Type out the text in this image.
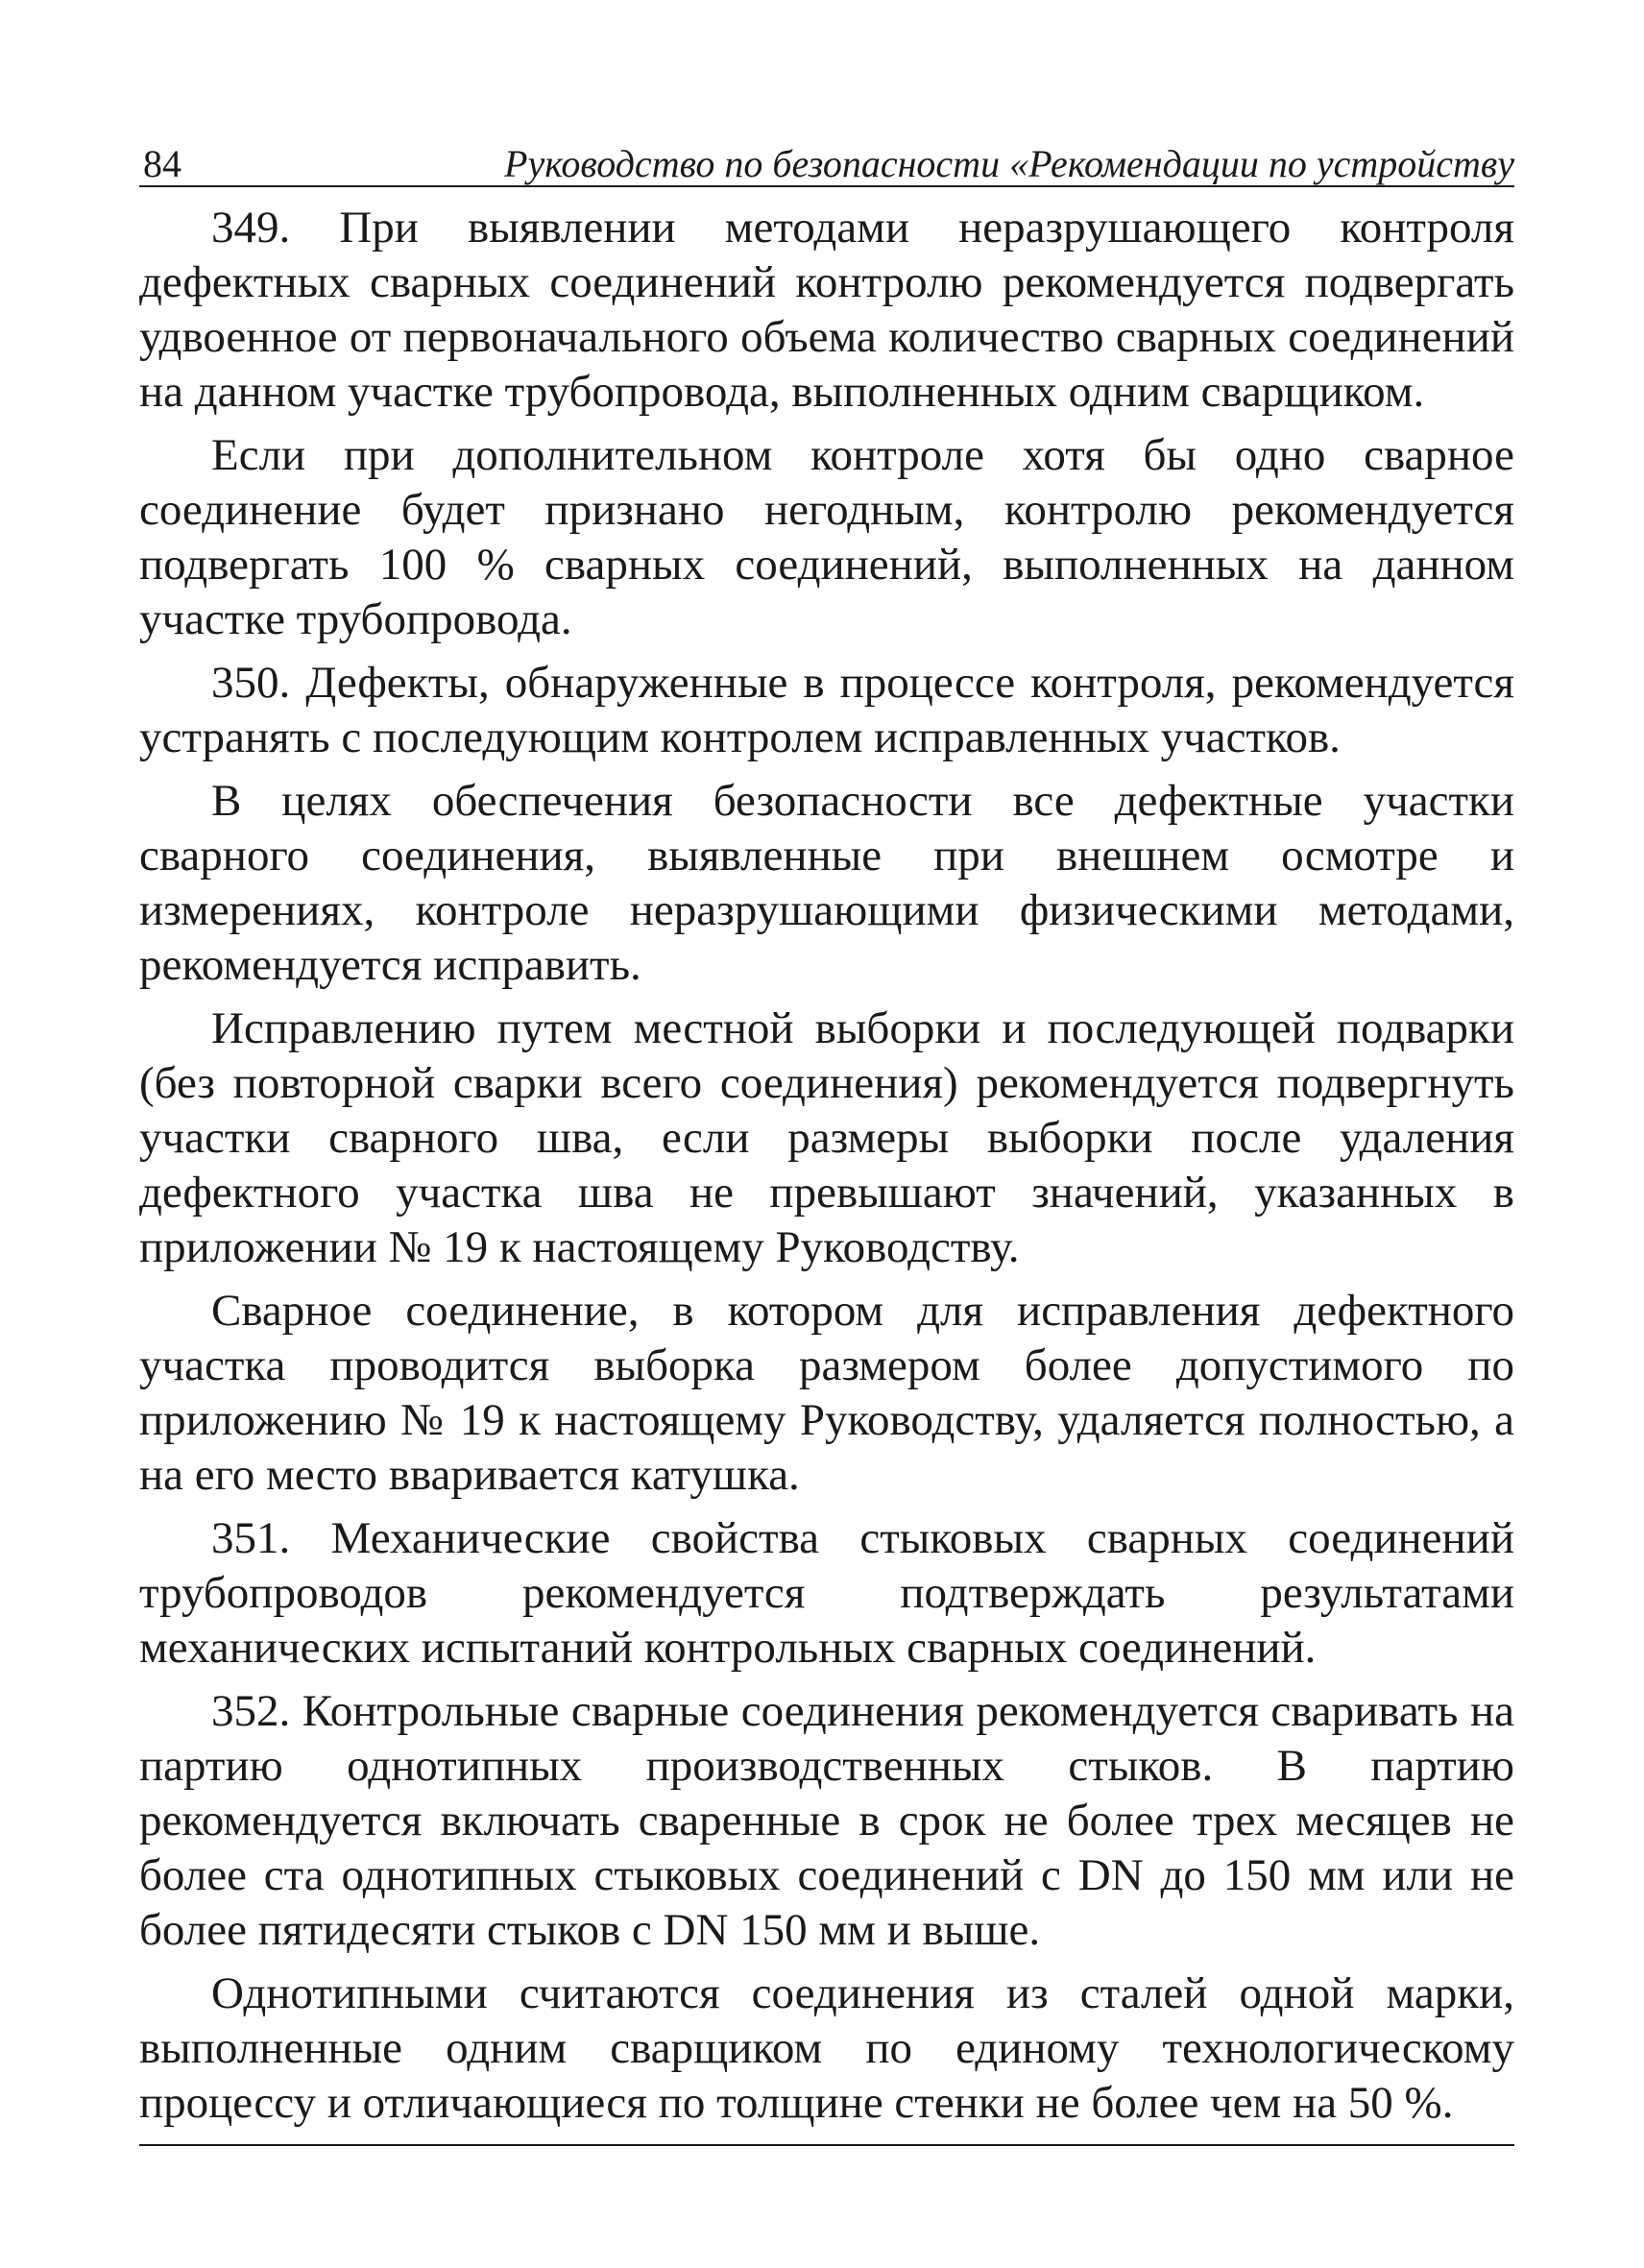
84	Руководство по безопасности «Рекомендации по устройству

349. При выявлении методами неразрушающего контроля дефектных сварных соединений контролю рекомендуется подвергать удвоенное от первоначального объема количество сварных соединений на данном участке трубопровода, выполненных одним сварщиком.

Если при дополнительном контроле хотя бы одно сварное соединение будет признано негодным, контролю рекомендуется подвергать 100 % сварных соединений, выполненных на данном участке трубопровода.

350. Дефекты, обнаруженные в процессе контроля, рекомендуется устранять с последующим контролем исправленных участков.

В целях обеспечения безопасности все дефектные участки сварного соединения, выявленные при внешнем осмотре и измерениях, контроле неразрушающими физическими методами, рекомендуется исправить.

Исправлению путем местной выборки и последующей подварки (без повторной сварки всего соединения) рекомендуется подвергнуть участки сварного шва, если размеры выборки после удаления дефектного участка шва не превышают значений, указанных в приложении № 19 к настоящему Руководству.

Сварное соединение, в котором для исправления дефектного участка проводится выборка размером более допустимого по приложению № 19 к настоящему Руководству, удаляется полностью, а на его место вваривается катушка.

351. Механические свойства стыковых сварных соединений трубопроводов рекомендуется подтверждать результатами механических испытаний контрольных сварных соединений.

352. Контрольные сварные соединения рекомендуется сваривать на партию однотипных производственных стыков. В партию рекомендуется включать сваренные в срок не более трех месяцев не более ста однотипных стыковых соединений с DN до 150 мм или не более пятидесяти стыков с DN 150 мм и выше.

Однотипными считаются соединения из сталей одной марки, выполненные одним сварщиком по единому технологическому процессу и отличающиеся по толщине стенки не более чем на 50 %.
